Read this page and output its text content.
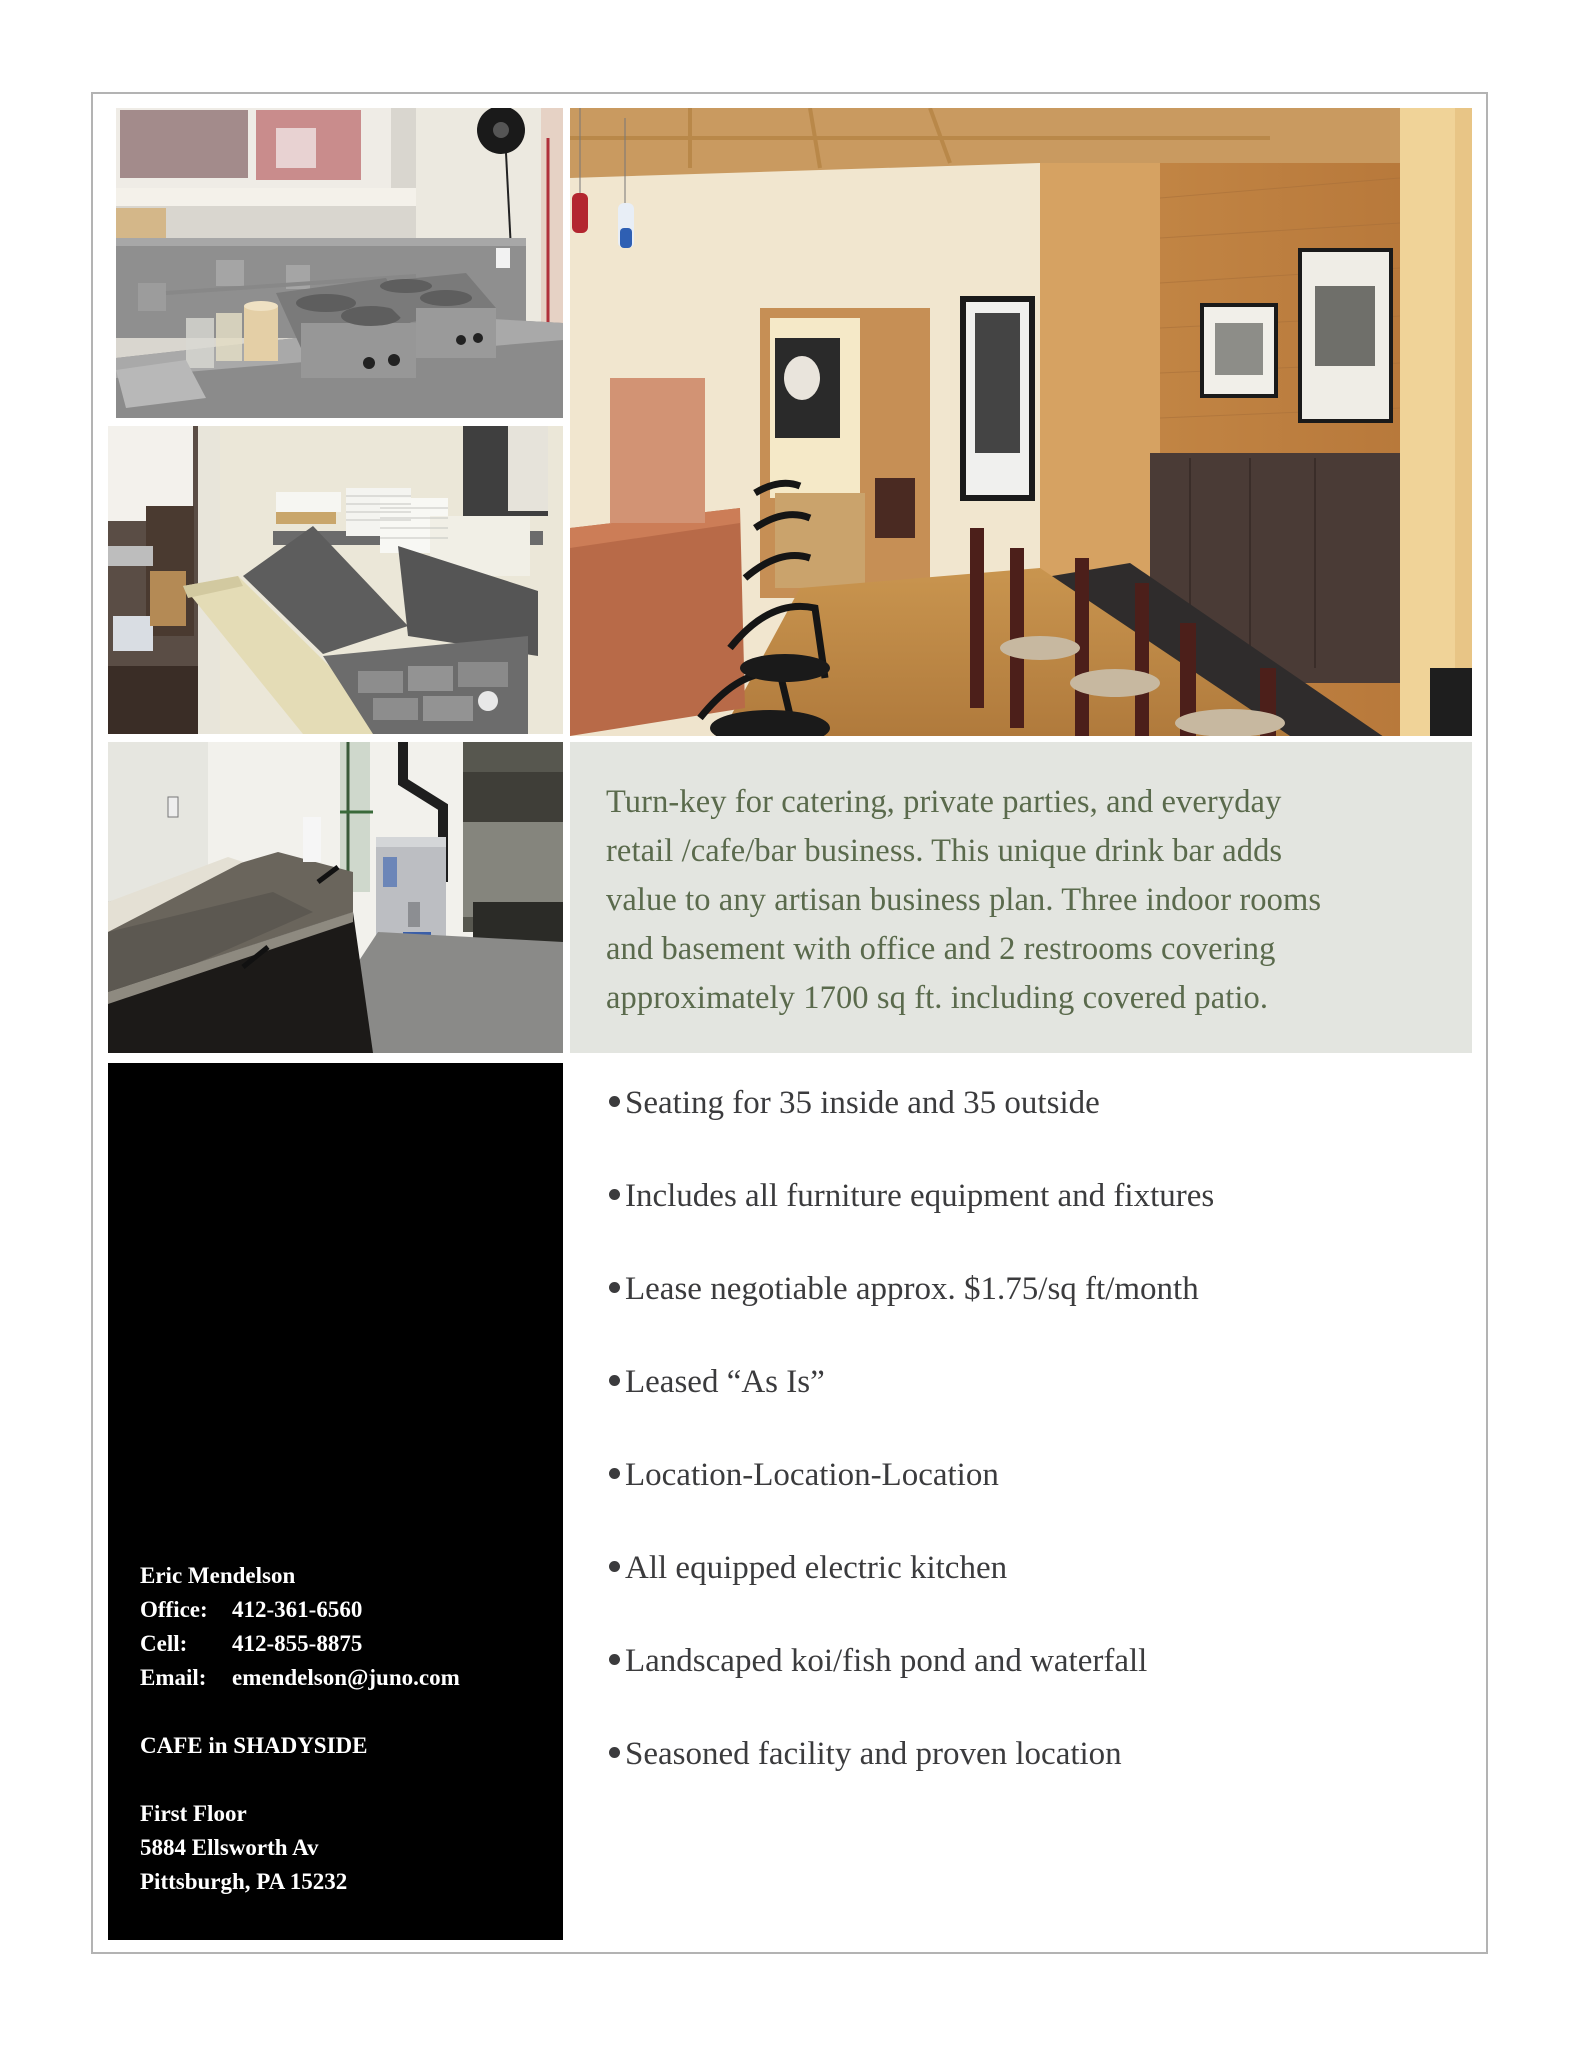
Turn-key for catering, private parties, and everyday
retail /cafe/bar business. This unique drink bar adds
value to any artisan business plan. Three indoor rooms
and basement with office and 2 restrooms covering
approximately 1700 sq ft. including covered patio.

Eric Mendelson
Office: 412-361-6560
Cell: 412-855-8875
Email: emendelson@juno.com
CAFE in SHADYSIDE
First Floor
5884 Ellsworth Av
Pittsburgh, PA 15232
Seating for 35 inside and 35 outside
Includes all furniture equipment and fixtures
Lease negotiable approx. $1.75/sq ft/month
Leased “As Is”
Location-Location-Location
All equipped electric kitchen
Landscaped koi/fish pond and waterfall
Seasoned facility and proven location
